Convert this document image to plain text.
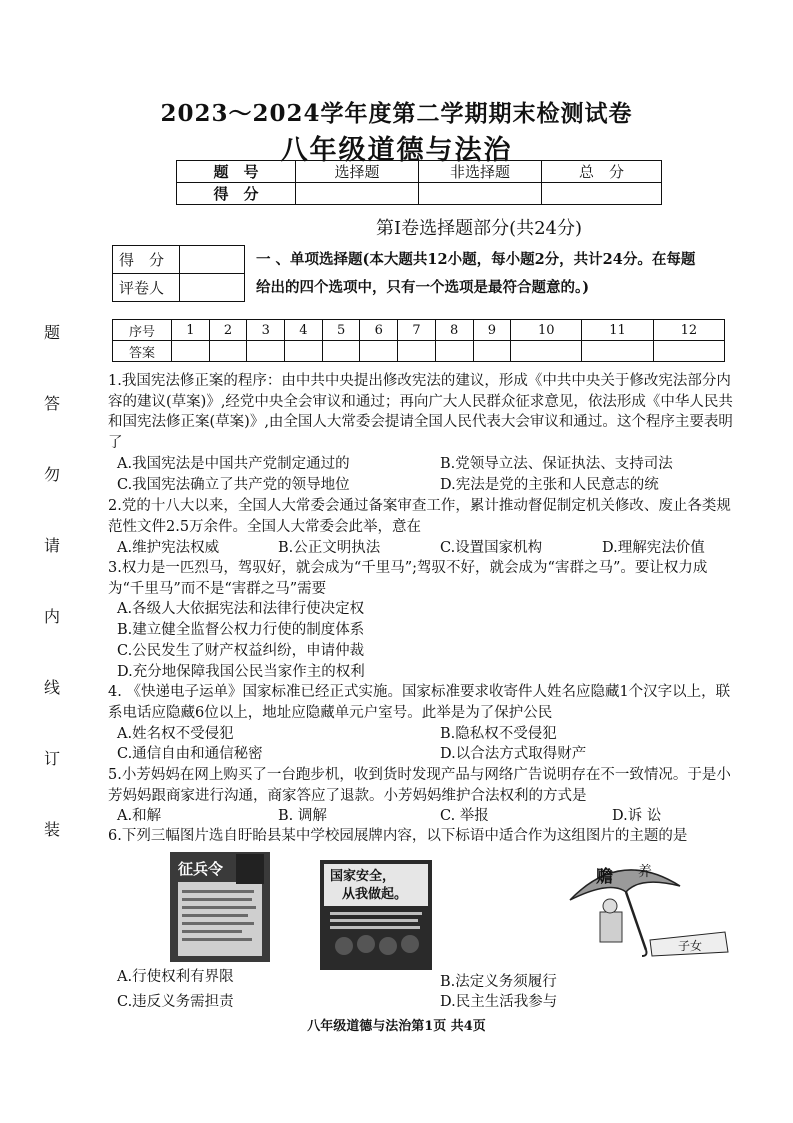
2023～2024学年度第二学期期末检测试卷
八年级道德与法治
题　号	选择题	非选择题	总　分
得　分			
第Ⅰ卷选择题部分(共24分)
得　分	
评卷人	
一 、单项选择题(本大题共12小题，每小题2分，共计24分。在每题
给出的四个选项中，只有一个选项是最符合题意的。)
序号	1	2	3	4	5	6	7	8	9	10	11	12
答案												
题
答
勿
请
内
线
订
装

1.我国宪法修正案的程序：由中共中央提出修改宪法的建议，形成《中共中央关于修改宪法部分内容的建议(草案)》,经党中央全会审议和通过；再向广大人民群众征求意见，依法形成《中华人民共和国宪法修正案(草案)》,由全国人大常委会提请全国人民代表大会审议和通过。这个程序主要表明了

A.我国宪法是中国共产党制定通过的	B.党领导立法、保证执法、支持司法
C.我国宪法确立了共产党的领导地位	D.宪法是党的主张和人民意志的统

2.党的十八大以来，全国人大常委会通过备案审查工作，累计推动督促制定机关修改、废止各类规范性文件2.5万余件。全国人大常委会此举，意在

A.维护宪法权威	B.公正文明执法	C.设置国家机构	D.理解宪法价值

3.权力是一匹烈马，驾驭好，就会成为“千里马”;驾驭不好，就会成为“害群之马”。要让权力成为“千里马”而不是“害群之马”需要

A.各级人大依据宪法和法律行使决定权
B.建立健全监督公权力行使的制度体系
C.公民发生了财产权益纠纷，申请仲裁
D.充分地保障我国公民当家作主的权利

4. 《快递电子运单》国家标准已经正式实施。国家标准要求收寄件人姓名应隐藏1个汉字以上，联系电话应隐藏6位以上，地址应隐藏单元户室号。此举是为了保护公民

A.姓名权不受侵犯	B.隐私权不受侵犯
C.通信自由和通信秘密	D.以合法方式取得财产

5.小芳妈妈在网上购买了一台跑步机，收到货时发现产品与网络广告说明存在不一致情况。于是小芳妈妈跟商家进行沟通，商家答应了退款。小芳妈妈维护合法权利的方式是

A.和解	B. 调解	C. 举报	D.诉 讼

6.下列三幅图片选自盱眙县某中学校园展牌内容，以下标语中适合作为这组图片的主题的是

征兵令	国家安全，
从我做起。
赡 养
子女
A.行使权利有界限	B.法定义务须履行
C.违反义务需担责	D.民主生活我参与
八年级道德与法治第1页 共4页
